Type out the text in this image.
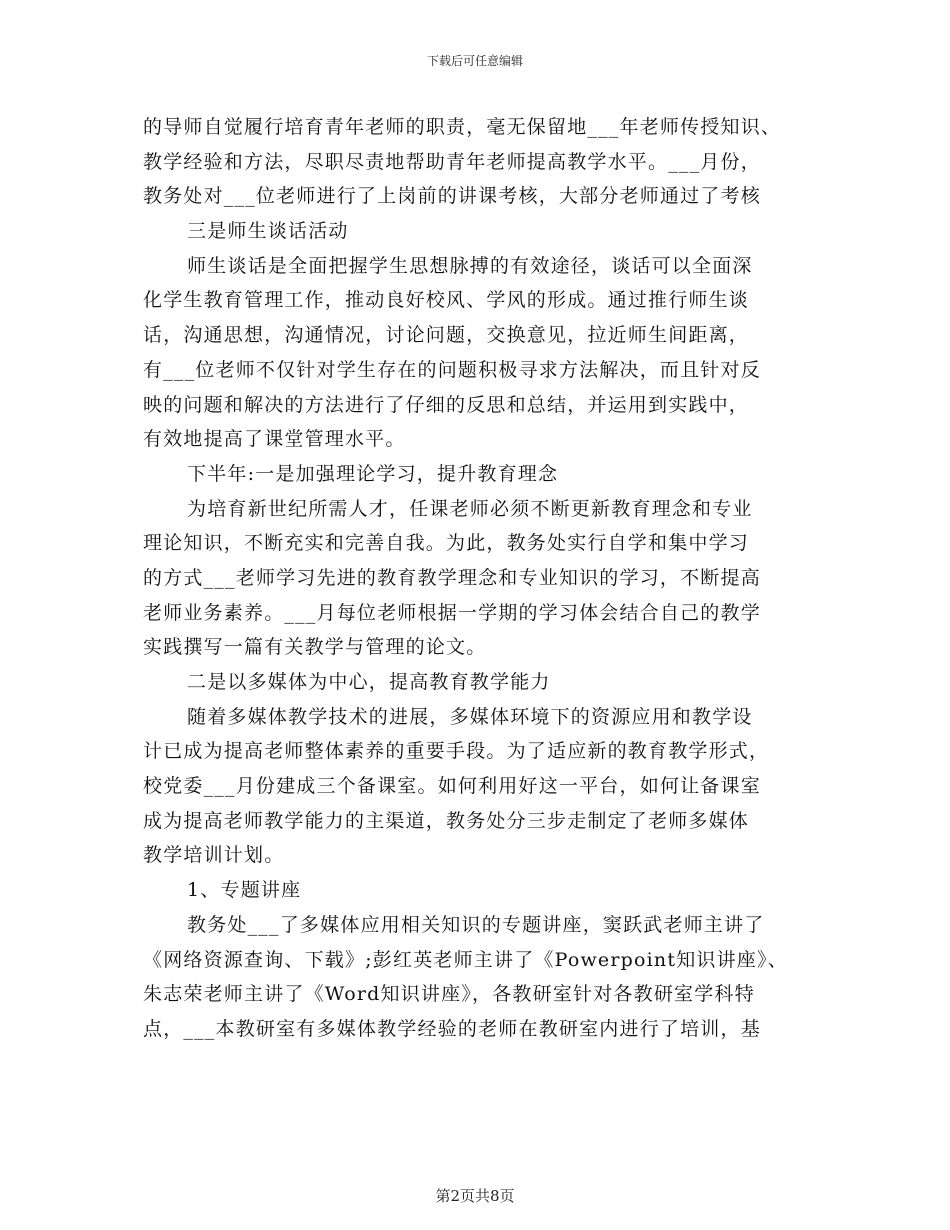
下载后可任意编辑
的导师自觉履行培育青年老师的职责，毫无保留地___年老师传授知识、
教学经验和方法，尽职尽责地帮助青年老师提高教学水平。___月份，
教务处对___位老师进行了上岗前的讲课考核，大部分老师通过了考核
三是师生谈话活动
师生谈话是全面把握学生思想脉搏的有效途径，谈话可以全面深
化学生教育管理工作，推动良好校风、学风的形成。通过推行师生谈
话，沟通思想，沟通情况，讨论问题，交换意见，拉近师生间距离，
有___位老师不仅针对学生存在的问题积极寻求方法解决，而且针对反
映的问题和解决的方法进行了仔细的反思和总结，并运用到实践中，
有效地提高了课堂管理水平。
下半年:一是加强理论学习，提升教育理念
为培育新世纪所需人才，任课老师必须不断更新教育理念和专业
理论知识，不断充实和完善自我。为此，教务处实行自学和集中学习
的方式___老师学习先进的教育教学理念和专业知识的学习，不断提高
老师业务素养。___月每位老师根据一学期的学习体会结合自己的教学
实践撰写一篇有关教学与管理的论文。
二是以多媒体为中心，提高教育教学能力
随着多媒体教学技术的进展，多媒体环境下的资源应用和教学设
计已成为提高老师整体素养的重要手段。为了适应新的教育教学形式，
校党委___月份建成三个备课室。如何利用好这一平台，如何让备课室
成为提高老师教学能力的主渠道，教务处分三步走制定了老师多媒体
教学培训计划。
1、专题讲座
教务处___了多媒体应用相关知识的专题讲座，窦跃武老师主讲了
《网络资源查询、下载》;彭红英老师主讲了《Powerpoint知识讲座》、
朱志荣老师主讲了《Word知识讲座》，各教研室针对各教研室学科特
点，___本教研室有多媒体教学经验的老师在教研室内进行了培训，基
第2页共8页
